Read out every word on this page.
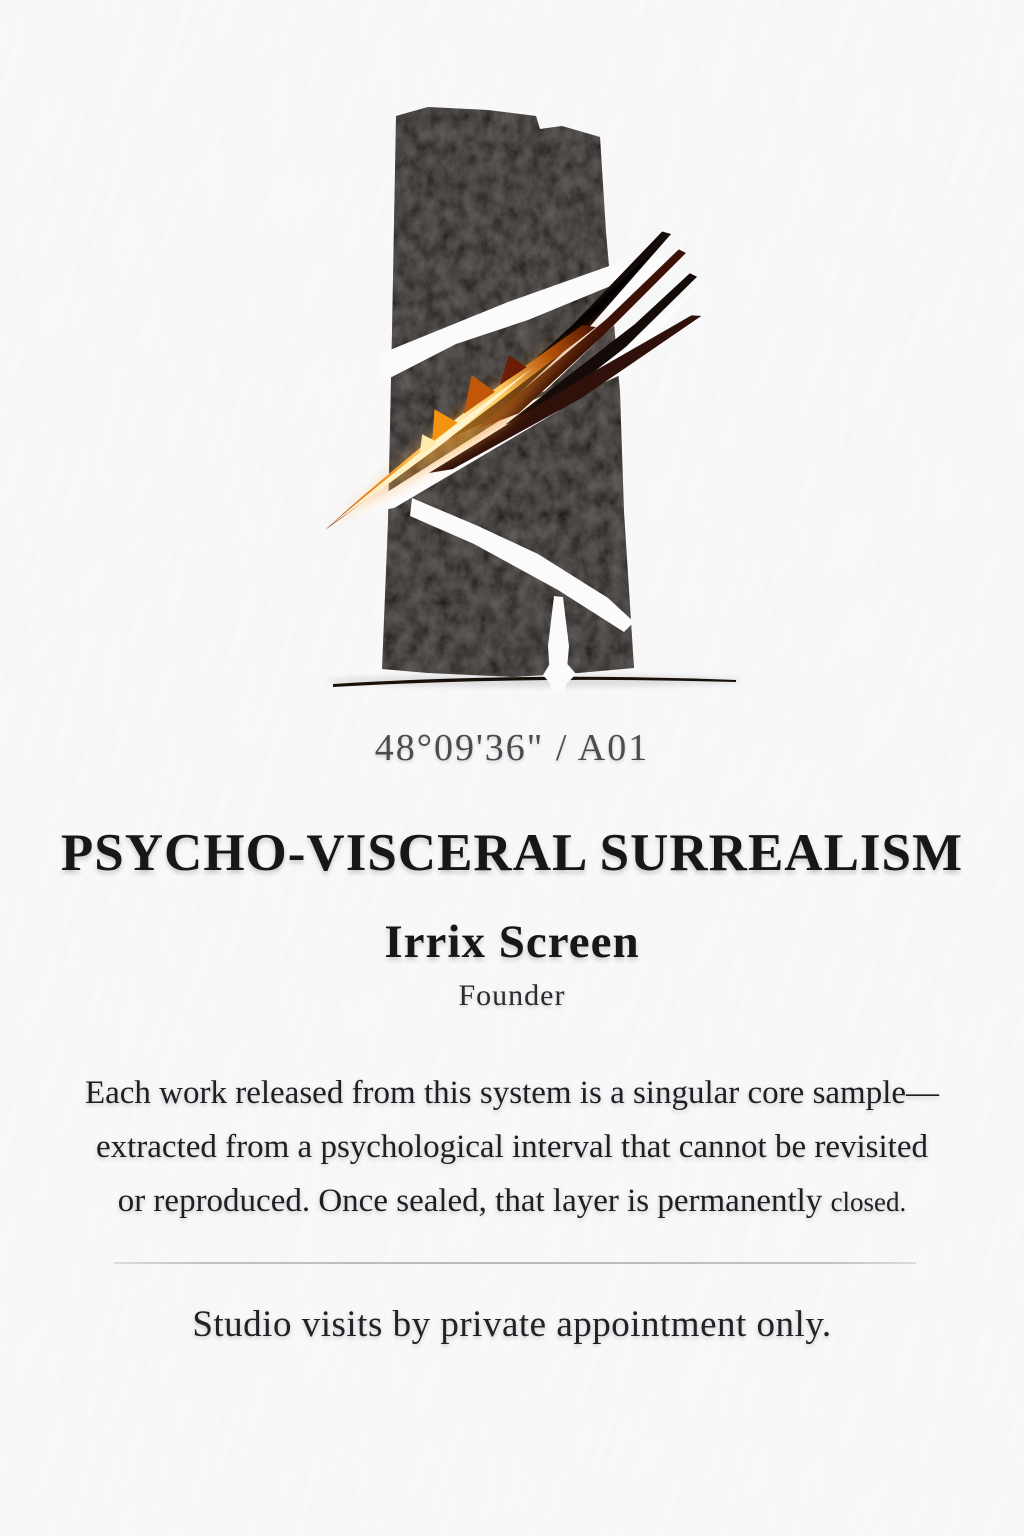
48°09'36" / A01
PSYCHO-VISCERAL SURREALISM
Irrix Screen
Founder

Each work released from this system is a singular core sample—
extracted from a psychological interval that cannot be revisited
or reproduced. Once sealed, that layer is permanently closed.

Studio visits by private appointment only.
